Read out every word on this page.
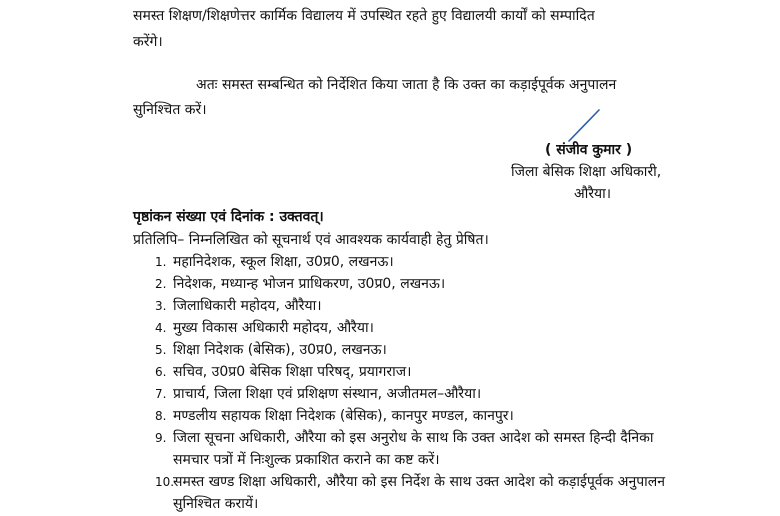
समस्त शिक्षण/शिक्षणेत्तर कार्मिक विद्यालय में उपस्थित रहते हुए विद्यालयी कार्यों को सम्पादित
करेंगे।
अतः समस्त सम्बन्धित को निर्देशित किया जाता है कि उक्त का कड़ाईपूर्वक अनुपालन
सुनिश्चित करें।
( संजीव कुमार )
जिला बेसिक शिक्षा अधिकारी,
औरैया।
पृष्ठांकन संख्या एवं दिनांक : उक्तवत्।
प्रतिलिपि– निम्नलिखित को सूचनार्थ एवं आवश्यक कार्यवाही हेतु प्रेषित।
1. महानिदेशक, स्कूल शिक्षा, उ0प्र0, लखनऊ।
2. निदेशक, मध्यान्ह भोजन प्राधिकरण, उ0प्र0, लखनऊ।
3. जिलाधिकारी महोदय, औरैया।
4. मुख्य विकास अधिकारी महोदय, औरैया।
5. शिक्षा निदेशक (बेसिक), उ0प्र0, लखनऊ।
6. सचिव, उ0प्र0 बेसिक शिक्षा परिषद्, प्रयागराज।
7. प्राचार्य, जिला शिक्षा एवं प्रशिक्षण संस्थान, अजीतमल–औरैया।
8. मण्डलीय सहायक शिक्षा निदेशक (बेसिक), कानपुर मण्डल, कानपुर।
9. जिला सूचना अधिकारी, औरैया को इस अनुरोध के साथ कि उक्त आदेश को समस्त हिन्दी दैनिका समचार पत्रों में निःशुल्क प्रकाशित कराने का कष्ट करें।
10.
समस्त खण्ड शिक्षा अधिकारी, औरैया को इस निर्देश के साथ उक्त आदेश को कड़ाईपूर्वक अनुपालन सुनिश्चित करायें।
